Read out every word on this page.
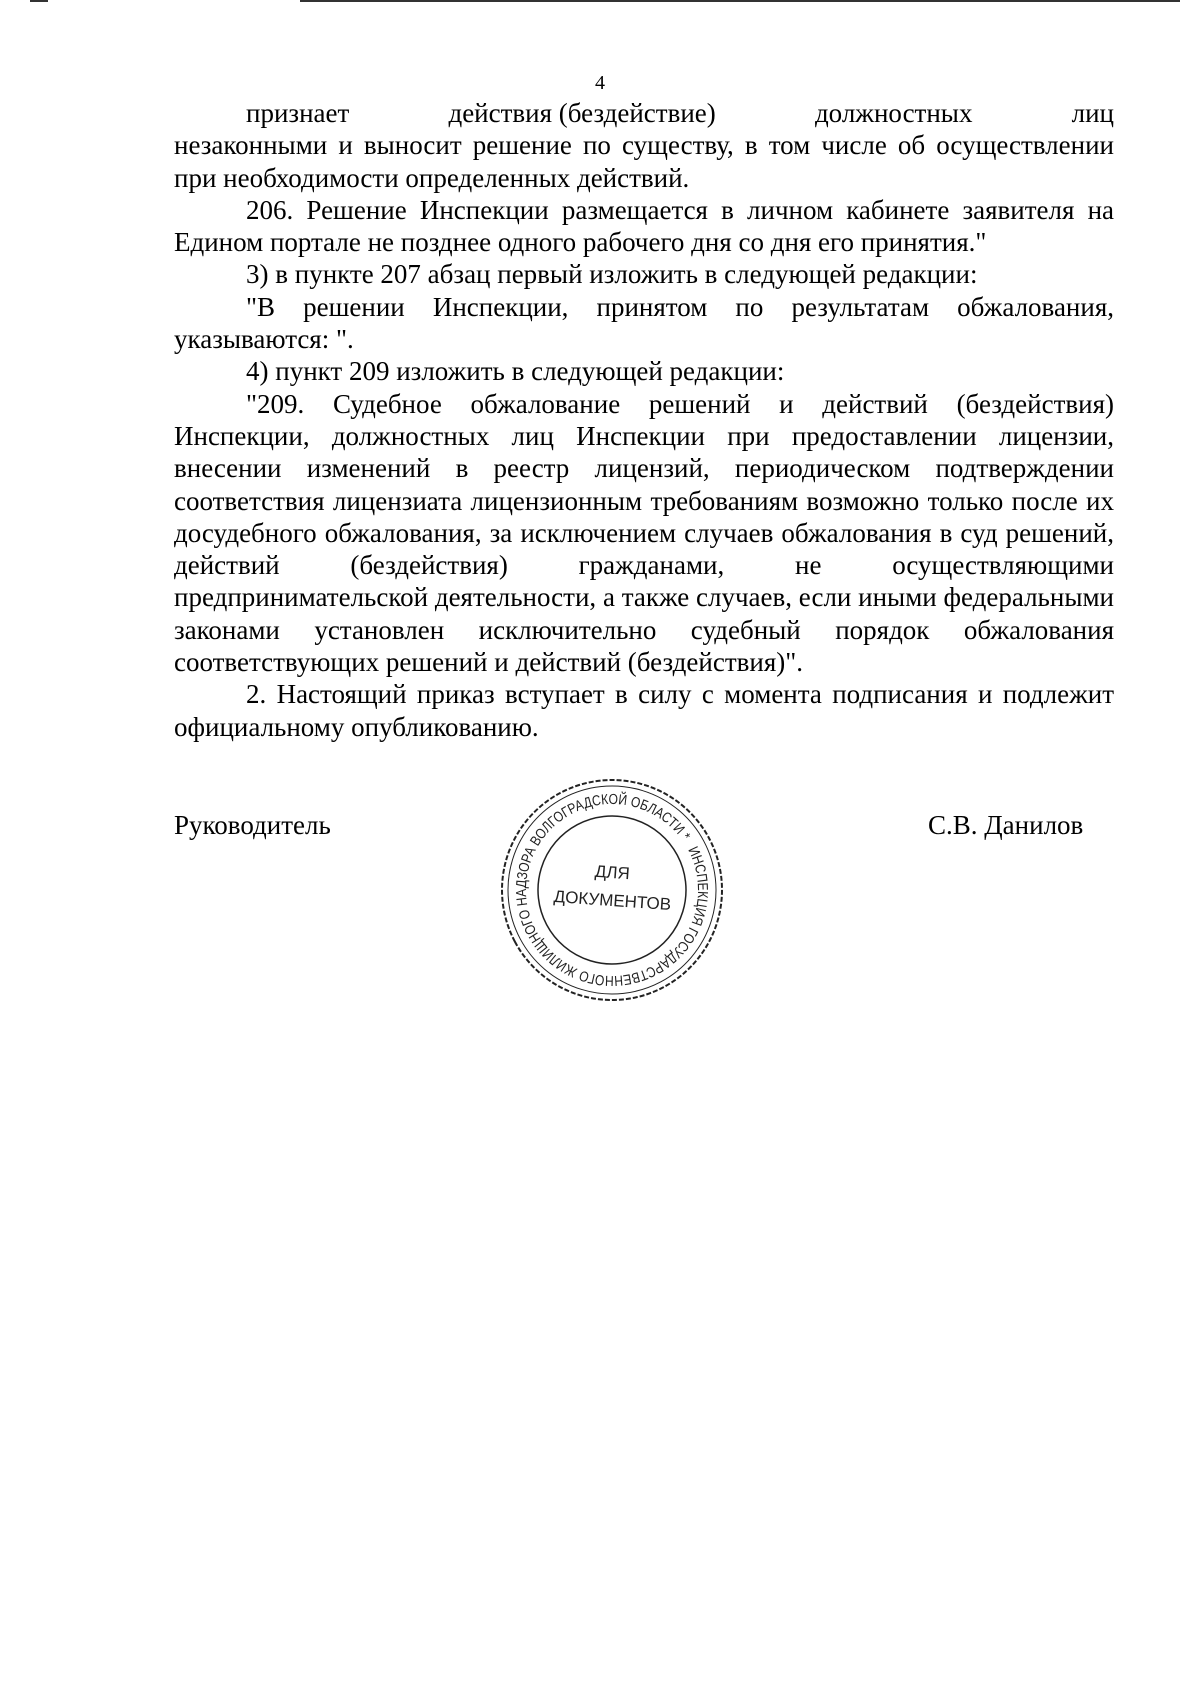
4
признает	действия (бездействие)	должностных	лиц

незаконными и выносит решение по существу, в том числе об осуществлении при необходимости определенных действий.

206. Решение Инспекции размещается в личном кабинете заявителя на Едином портале не позднее одного рабочего дня со дня его принятия."

3) в пункте 207 абзац первый изложить в следующей редакции:

"В решении Инспекции, принятом по результатам обжалования, указываются: ".

4) пункт 209 изложить в следующей редакции:

"209. Судебное обжалование решений и действий (бездействия) Инспекции, должностных лиц Инспекции при предоставлении лицензии, внесении изменений в реестр лицензий, периодическом подтверждении соответствия лицензиата лицензионным требованиям возможно только после их досудебного обжалования, за исключением случаев обжалования в суд решений, действий (бездействия) гражданами, не осуществляющими предпринимательской деятельности, а также случаев, если иными федеральными законами установлен исключительно судебный порядок обжалования соответствующих решений и действий (бездействия)".

2. Настоящий приказ вступает в силу с момента подписания и подлежит официальному опубликованию.

Руководитель
ИНСПЕКЦИЯ ГОСУДАРСТВЕННОГО ЖИЛИЩНОГО НАДЗОРА ВОЛГОГРАДСКОЙ ОБЛАСТИ *
ДЛЯ
ДОКУМЕНТОВ
С.В. Данилов
